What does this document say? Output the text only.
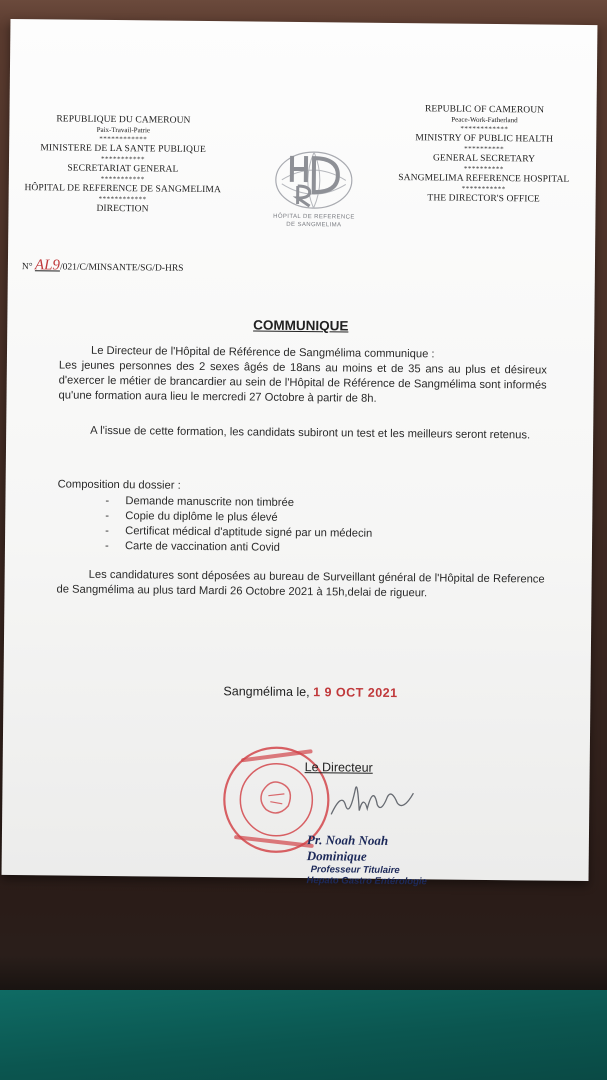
REPUBLIQUE DU CAMEROUN
Paix-Travail-Patrie
************
MINISTERE DE LA SANTE PUBLIQUE
***********
SECRETARIAT GENERAL
***********
HÔPITAL DE REFERENCE DE SANGMELIMA
************
DIRECTION
HÔPITAL DE REFERENCE
DE SANGMELIMA
REPUBLIC OF CAMEROUN
Peace-Work-Fatherland
************
MINISTRY OF PUBLIC HEALTH
**********
GENERAL SECRETARY
**********
SANGMELIMA REFERENCE HOSPITAL
***********
THE DIRECTOR'S OFFICE
N° AL9/021/C/MINSANTE/SG/D-HRS
COMMUNIQUE
Le Directeur de l'Hôpital de Référence de Sangmélima communique :
Les jeunes personnes des 2 sexes âgés de 18ans au moins et de 35 ans au plus et désireux d'exercer le métier de brancardier au sein de l'Hôpital de Référence de Sangmélima sont informés qu'une formation aura lieu le mercredi 27 Octobre à partir de 8h.
A l'issue de cette formation, les candidats subiront un test et les meilleurs seront retenus.
Composition du dossier :
- Demande manuscrite non timbrée
- Copie du diplôme le plus élevé
- Certificat médical d'aptitude signé par un médecin
- Carte de vaccination anti Covid
Les candidatures sont déposées au bureau de Surveillant général de l'Hôpital de Reference de Sangmélima au plus tard Mardi 26 Octobre 2021 à 15h,delai de rigueur.
Sangmélima le, 1 9 OCT 2021
Le Directeur
Pr. Noah Noah Dominique
Professeur Titulaire
Hepato Gastro Entérologie
